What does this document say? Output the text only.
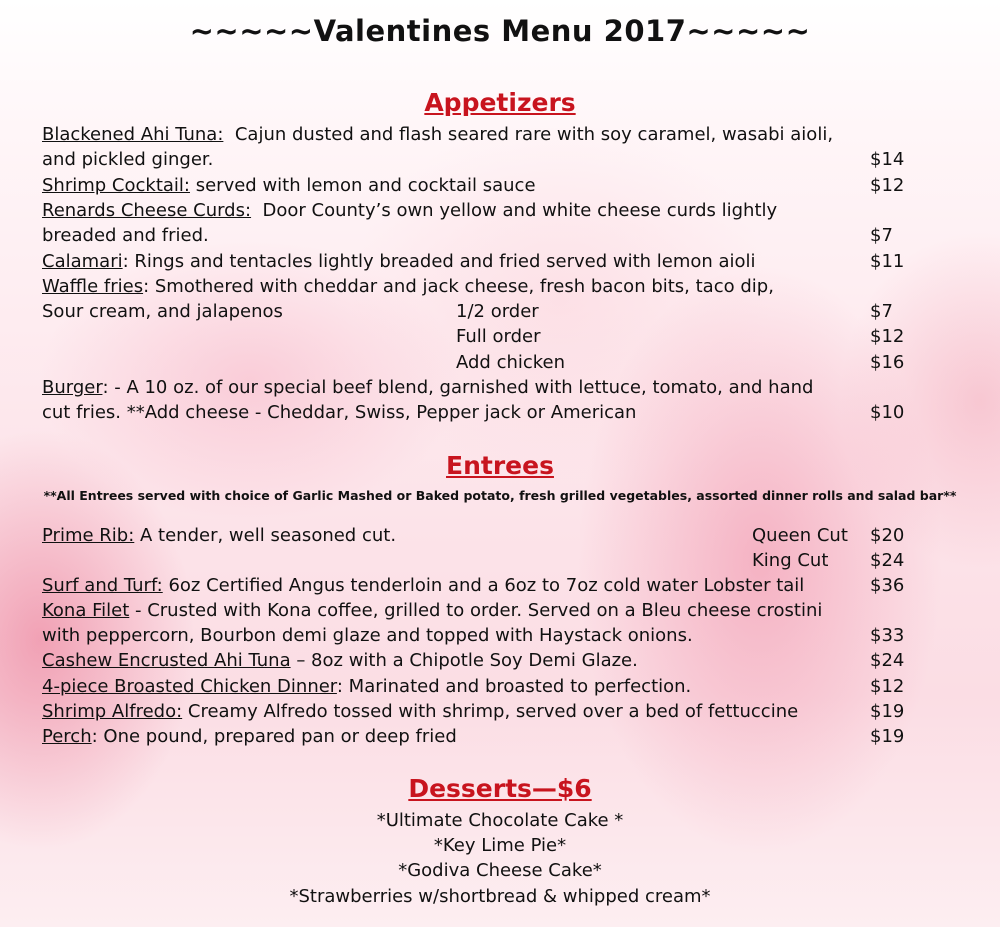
~~~~~Valentines Menu 2017~~~~~
Appetizers
Blackened Ahi Tuna: Cajun dusted and flash seared rare with soy caramel, wasabi aioli,
and pickled ginger.	$14
Shrimp Cocktail: served with lemon and cocktail sauce	$12
Renards Cheese Curds: Door County’s own yellow and white cheese curds lightly
breaded and fried.	$7
Calamari: Rings and tentacles lightly breaded and fried served with lemon aioli	$11
Waffle fries: Smothered with cheddar and jack cheese, fresh bacon bits, taco dip,
Sour cream, and jalapenos	1/2 order	$7
Full order	$12
Add chicken	$16
Burger: - A 10 oz. of our special beef blend, garnished with lettuce, tomato, and hand
cut fries. **Add cheese - Cheddar, Swiss, Pepper jack or American	$10
Entrees
**All Entrees served with choice of Garlic Mashed or Baked potato, fresh grilled vegetables, assorted dinner rolls and salad bar**
Prime Rib: A tender, well seasoned cut.	Queen Cut $20
King Cut $24
Surf and Turf: 6oz Certified Angus tenderloin and a 6oz to 7oz cold water Lobster tail	$36
Kona Filet - Crusted with Kona coffee, grilled to order. Served on a Bleu cheese crostini
with peppercorn, Bourbon demi glaze and topped with Haystack onions.	$33
Cashew Encrusted Ahi Tuna – 8oz with a Chipotle Soy Demi Glaze.	$24
4-piece Broasted Chicken Dinner: Marinated and broasted to perfection.	$12
Shrimp Alfredo: Creamy Alfredo tossed with shrimp, served over a bed of fettuccine	$19
Perch: One pound, prepared pan or deep fried	$19
Desserts—$6
*Ultimate Chocolate Cake *
*Key Lime Pie*
*Godiva Cheese Cake*
*Strawberries w/shortbread & whipped cream*
